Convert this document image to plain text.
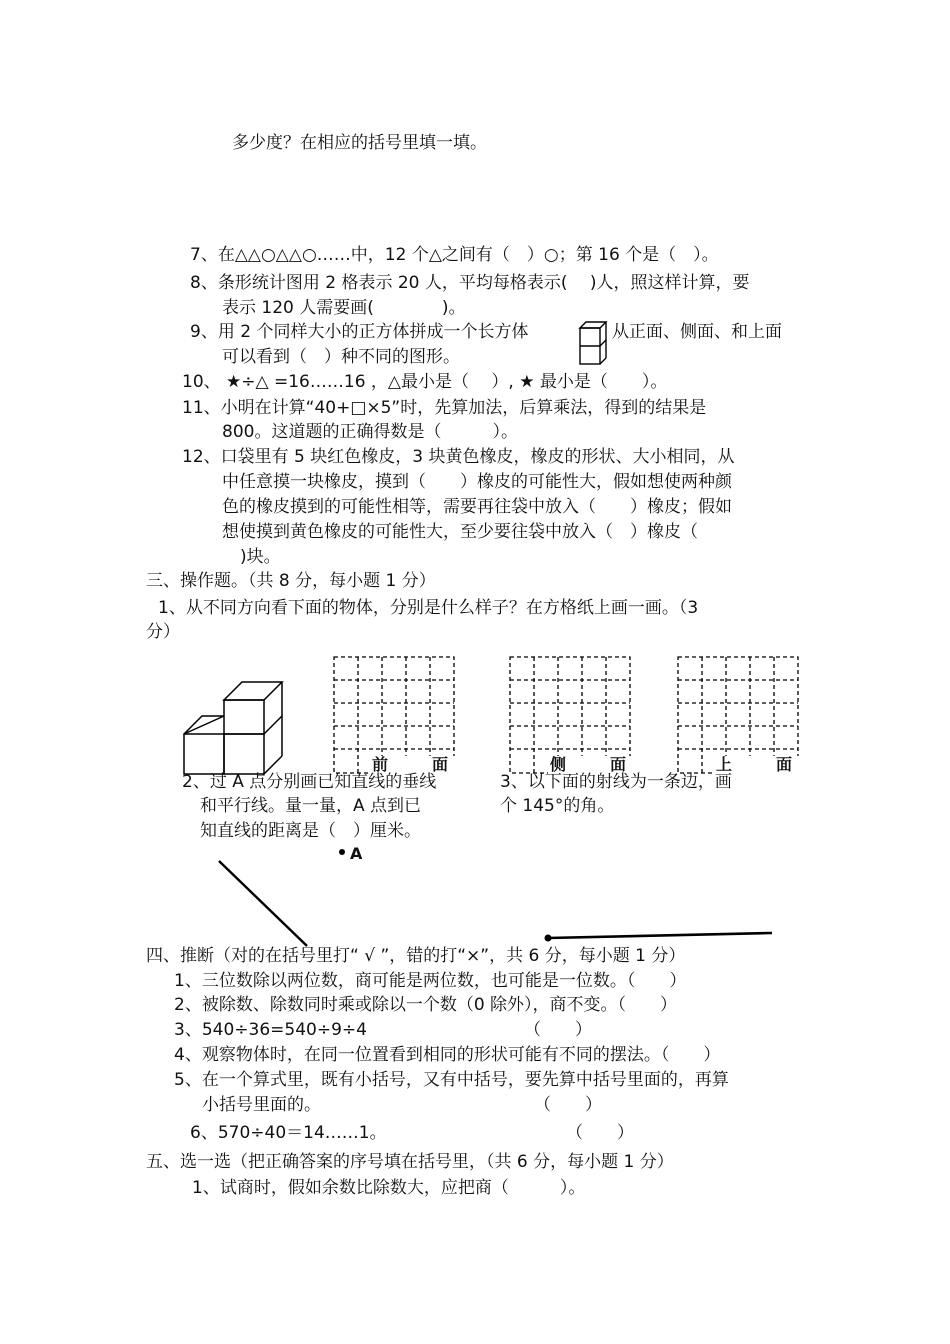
多少度？在相应的括号里填一填。
7、在△△○△△○……中，12 个△之间有（　）○；第 16 个是（　）。
8、条形统计图用 2 格表示 20 人，平均每格表示(　 )人，照这样计算，要
表示 120 人需要画(　　　　)。
9、用 2 个同样大小的正方体拼成一个长方体	从正面、侧面、和上面
可以看到（　）种不同的图形。
10、 ★÷△ =16……16 ，△最小是（　 ）, ★ 最小是（　　）。
11、小明在计算“40+□×5”时，先算加法，后算乘法，得到的结果是
800。这道题的正确得数是（　　　）。
12、口袋里有 5 块红色橡皮，3 块黄色橡皮，橡皮的形状、大小相同，从
中任意摸一块橡皮，摸到（　　）橡皮的可能性大，假如想使两种颜
色的橡皮摸到的可能性相等，需要再往袋中放入（　　）橡皮；假如
想使摸到黄色橡皮的可能性大，至少要往袋中放入（　）橡皮（
)块。
三、操作题。（共 8 分，每小题 1 分）
1、从不同方向看下面的物体，分别是什么样子？在方格纸上画一画。（3
分）
前　面	侧　面	上　面
2、过 A 点分别画已知直线的垂线
和平行线。量一量，A 点到已
知直线的距离是（　）厘米。
3、以下面的射线为一条边，画
个 145°的角。
A
四、推断（对的在括号里打“ √ ”，错的打“×”，共 6 分，每小题 1 分）
1、三位数除以两位数，商可能是两位数，也可能是一位数。（　　）
2、被除数、除数同时乘或除以一个数（0 除外），商不变。（　　）
3、540÷36=540÷9÷4	（　　）
4、观察物体时，在同一位置看到相同的形状可能有不同的摆法。（　　）
5、在一个算式里，既有小括号，又有中括号，要先算中括号里面的，再算
小括号里面的。	（　　）
6、570÷40＝14……1。	（　　）
五、选一选（把正确答案的序号填在括号里，（共 6 分，每小题 1 分）
1、试商时，假如余数比除数大，应把商（　　　）。
